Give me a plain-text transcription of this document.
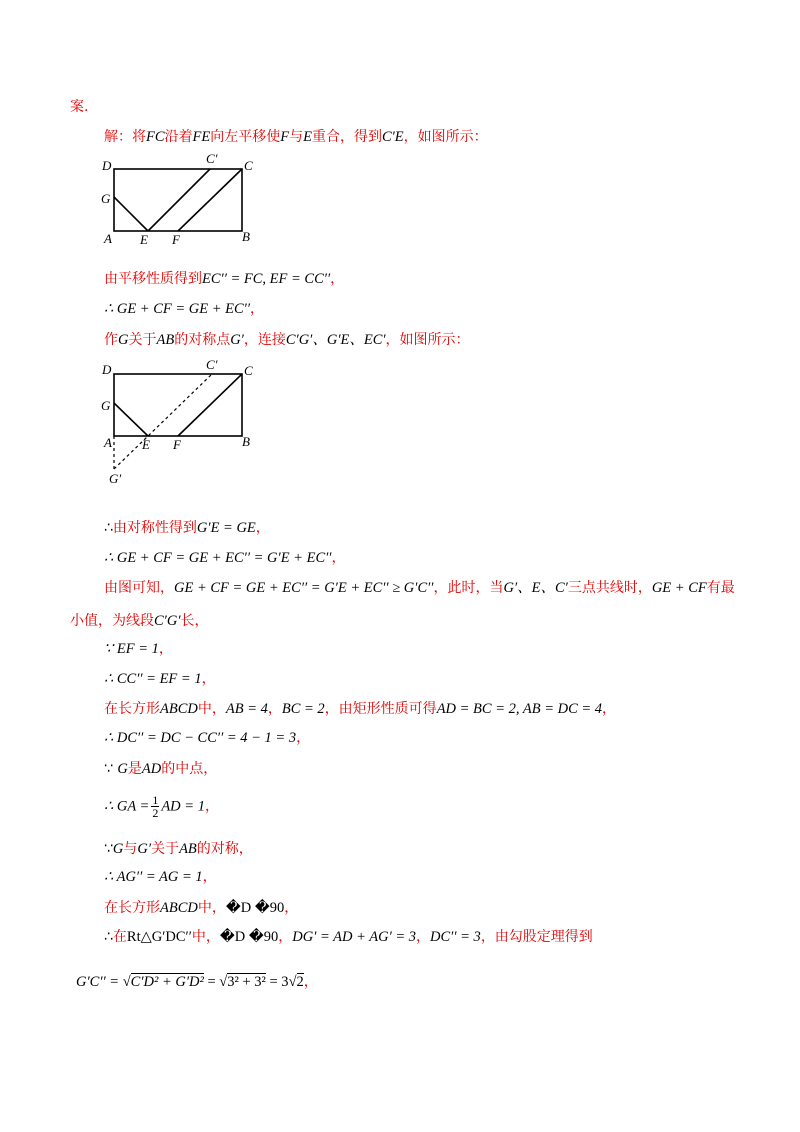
案.
解：将FC沿着FE向左平移使F与E重合，得到C′E，如图所示：
D	C′ C
G
A E F	B
由平移性质得到EC′′ = FC, EF = CC′′，
∴ GE + CF = GE + EC′′，
作G关于AB的对称点G′，连接C′G′、G′E、EC′，如图所示：
D	C′ C
G
A E F	B
G′
∴由对称性得到G′E = GE，
∴ GE + CF = GE + EC′′ = G′E + EC′′，
由图可知，GE + CF = GE + EC′′ = G′E + EC′′ ≥ G′C′′，此时，当G′、E、C′三点共线时，GE + CF有最
小值，为线段C′G′长，
∵ EF = 1，
∴ CC′′ = EF = 1，
在长方形ABCD中，AB = 4，BC = 2，由矩形性质可得AD = BC = 2, AB = DC = 4，
∴ DC′′ = DC − CC′′ = 4 − 1 = 3，
∵ G是AD的中点，
∴ GA = $\frac{1}{2}$ AD = 1，
∵G与G′关于AB的对称，
∴ AG′′ = AG = 1，
在长方形ABCD中，�D �90，
∴在Rt△G′DC′′中，�D �90，DG′ = AD + AG′ = 3，DC′′ = 3，由勾股定理得到
G′C′′ = √C′D² + G′D² = √3² + 3² = 3√2，
